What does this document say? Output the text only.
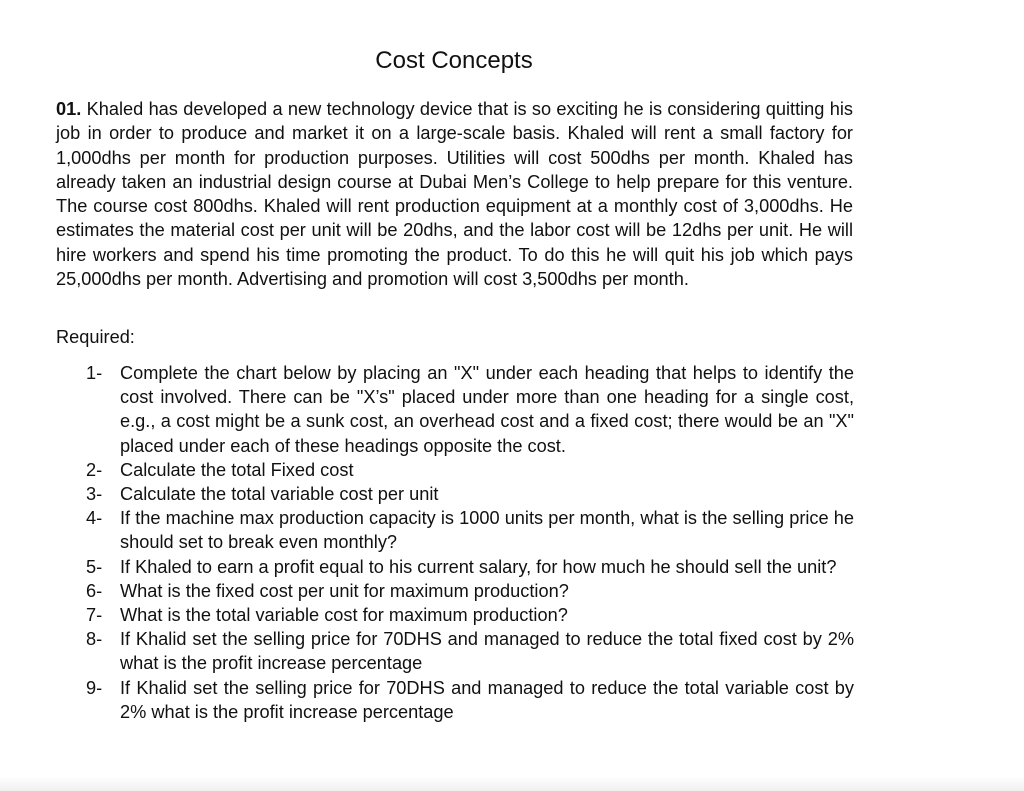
Cost Concepts

01. Khaled has developed a new technology device that is so exciting he is considering quitting his job in order to produce and market it on a large-scale basis. Khaled will rent a small factory for 1,000dhs per month for production purposes. Utilities will cost 500dhs per month. Khaled has already taken an industrial design course at Dubai Men’s College to help prepare for this venture. The course cost 800dhs. Khaled will rent production equipment at a monthly cost of 3,000dhs. He estimates the material cost per unit will be 20dhs, and the labor cost will be 12dhs per unit. He will hire workers and spend his time promoting the product. To do this he will quit his job which pays 25,000dhs per month. Advertising and promotion will cost 3,500dhs per month.

Required:

1- Complete the chart below by placing an "X" under each heading that helps to identify the cost involved. There can be "X’s" placed under more than one heading for a single cost, e.g., a cost might be a sunk cost, an overhead cost and a fixed cost; there would be an "X" placed under each of these headings opposite the cost.
2- Calculate the total Fixed cost
3- Calculate the total variable cost per unit
4- If the machine max production capacity is 1000 units per month, what is the selling price he should set to break even monthly?
5- If Khaled to earn a profit equal to his current salary, for how much he should sell the unit?
6- What is the fixed cost per unit for maximum production?
7- What is the total variable cost for maximum production?
8- If Khalid set the selling price for 70DHS and managed to reduce the total fixed cost by 2% what is the profit increase percentage
9- If Khalid set the selling price for 70DHS and managed to reduce the total variable cost by 2% what is the profit increase percentage
